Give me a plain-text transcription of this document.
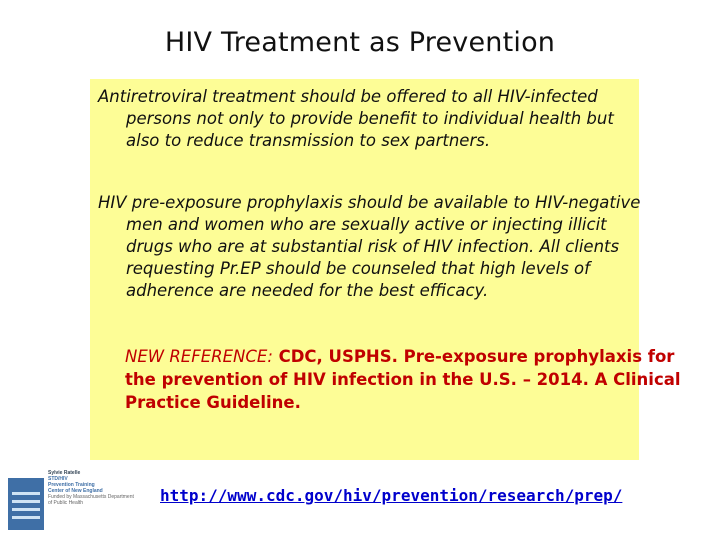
HIV Treatment as Prevention
Antiretroviral treatment should be offered to all HIV-infected
persons not only to provide benefit to individual health but
also to reduce transmission to sex partners.
HIV pre-exposure prophylaxis should be available to HIV-negative
men and women who are sexually active or injecting illicit
drugs who are at substantial risk of HIV infection. All clients
requesting Pr.EP should be counseled that high levels of
adherence are needed for the best efficacy.
NEW REFERENCE: CDC, USPHS. Pre-exposure prophylaxis for
the prevention of HIV infection in the U.S. – 2014. A Clinical
Practice Guideline.
Sylvie Ratelle
STD/HIV
Prevention Training
Center of New England
Funded by Massachusetts Department
of Public Health	http://www.cdc.gov/hiv/prevention/research/prep/
